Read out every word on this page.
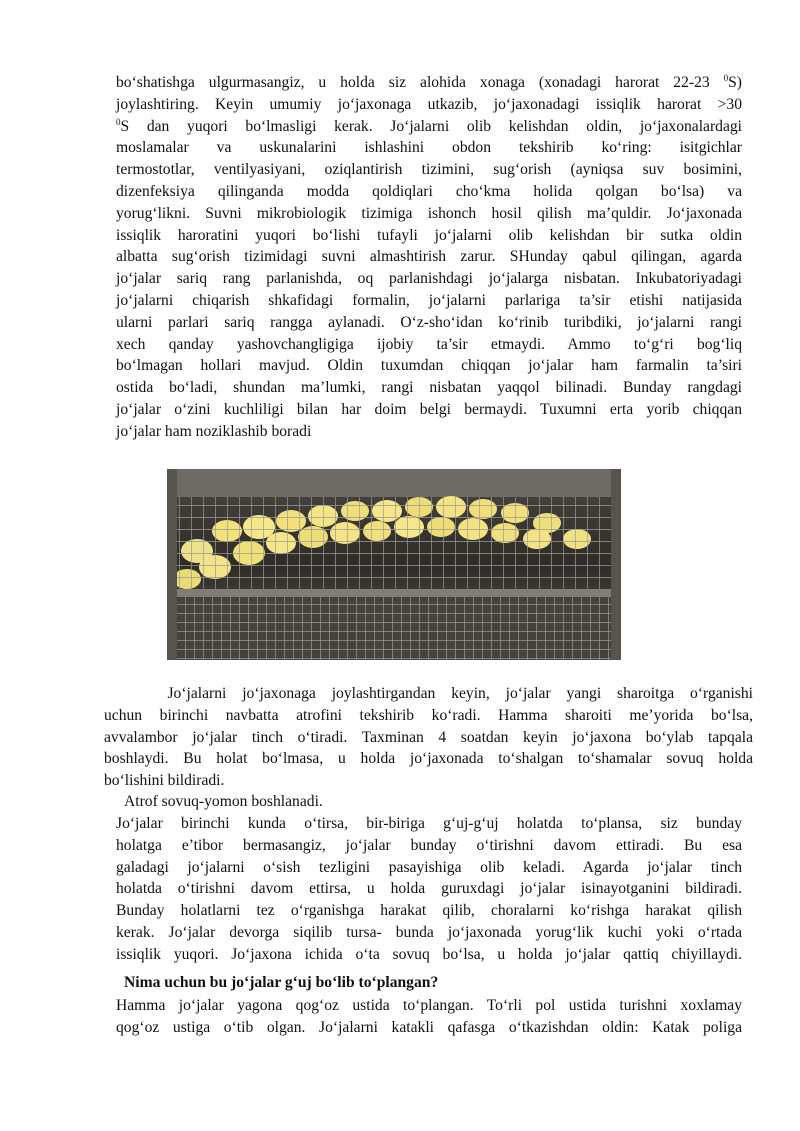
bo‘shatishga ulgurmasangiz, u holda siz alohida xonaga (xonadagi harorat 22-23 $^0$S)
joylashtiring. Keyin umumiy jo‘jaxonaga utkazib, jo‘jaxonadagi issiqlik harorat >30
$^0$S dan yuqori bo‘lmasligi kerak. Jo‘jalarni olib kelishdan oldin, jo‘jaxonalardagi
moslamalar va uskunalarini ishlashini obdon tekshirib ko‘ring: isitgichlar
termostotlar, ventilyasiyani, oziqlantirish tizimini, sug‘orish (ayniqsa suv bosimini,
dizenfeksiya qilinganda modda qoldiqlari cho‘kma holida qolgan bo‘lsa) va
yorug‘likni. Suvni mikrobiologik tizimiga ishonch hosil qilish ma’quldir. Jo‘jaxonada
issiqlik haroratini yuqori bo‘lishi tufayli jo‘jalarni olib kelishdan bir sutka oldin
albatta sug‘orish tizimidagi suvni almashtirish zarur. SHunday qabul qilingan, agarda
jo‘jalar sariq rang parlanishda, oq parlanishdagi jo‘jalarga nisbatan. Inkubatoriyadagi
jo‘jalarni chiqarish shkafidagi formalin, jo‘jalarni parlariga ta’sir etishi natijasida
ularni parlari sariq rangga aylanadi. O‘z-sho‘idan ko‘rinib turibdiki, jo‘jalarni rangi
xech qanday yashovchangligiga ijobiy ta’sir etmaydi. Ammo to‘g‘ri bog‘liq
bo‘lmagan hollari mavjud. Oldin tuxumdan chiqqan jo‘jalar ham farmalin ta’siri
ostida bo‘ladi, shundan ma’lumki, rangi nisbatan yaqqol bilinadi. Bunday rangdagi
jo‘jalar o‘zini kuchliligi bilan har doim belgi bermaydi. Tuxumni erta yorib chiqqan
jo‘jalar ham noziklashib boradi
Jo‘jalarni jo‘jaxonaga joylashtirgandan keyin, jo‘jalar yangi sharoitga o‘rganishi
uchun birinchi navbatta atrofini tekshirib ko‘radi. Hamma sharoiti me’yorida bo‘lsa,
avvalambor jo‘jalar tinch o‘tiradi. Taxminan 4 soatdan keyin jo‘jaxona bo‘ylab tapqala
boshlaydi. Bu holat bo‘lmasa, u holda jo‘jaxonada to‘shalgan to‘shamalar sovuq holda
bo‘lishini bildiradi.
Atrof sovuq-yomon boshlanadi.
Jo‘jalar birinchi kunda o‘tirsa, bir-biriga g‘uj-g‘uj holatda to‘plansa, siz bunday
holatga e’tibor bermasangiz, jo‘jalar bunday o‘tirishni davom ettiradi. Bu esa
galadagi jo‘jalarni o‘sish tezligini pasayishiga olib keladi. Agarda jo‘jalar tinch
holatda o‘tirishni davom ettirsa, u holda guruxdagi jo‘jalar isinayotganini bildiradi.
Bunday holatlarni tez o‘rganishga harakat qilib, choralarni ko‘rishga harakat qilish
kerak. Jo‘jalar devorga siqilib tursa- bunda jo‘jaxonada yorug‘lik kuchi yoki o‘rtada
issiqlik yuqori. Jo‘jaxona ichida o‘ta sovuq bo‘lsa, u holda jo‘jalar qattiq chiyillaydi.
Nima uchun bu jo‘jalar g‘uj bo‘lib to‘plangan?
Hamma jo‘jalar yagona qog‘oz ustida to‘plangan. To‘rli pol ustida turishni xoxlamay
qog‘oz ustiga o‘tib olgan. Jo‘jalarni katakli qafasga o‘tkazishdan oldin: Katak poliga
